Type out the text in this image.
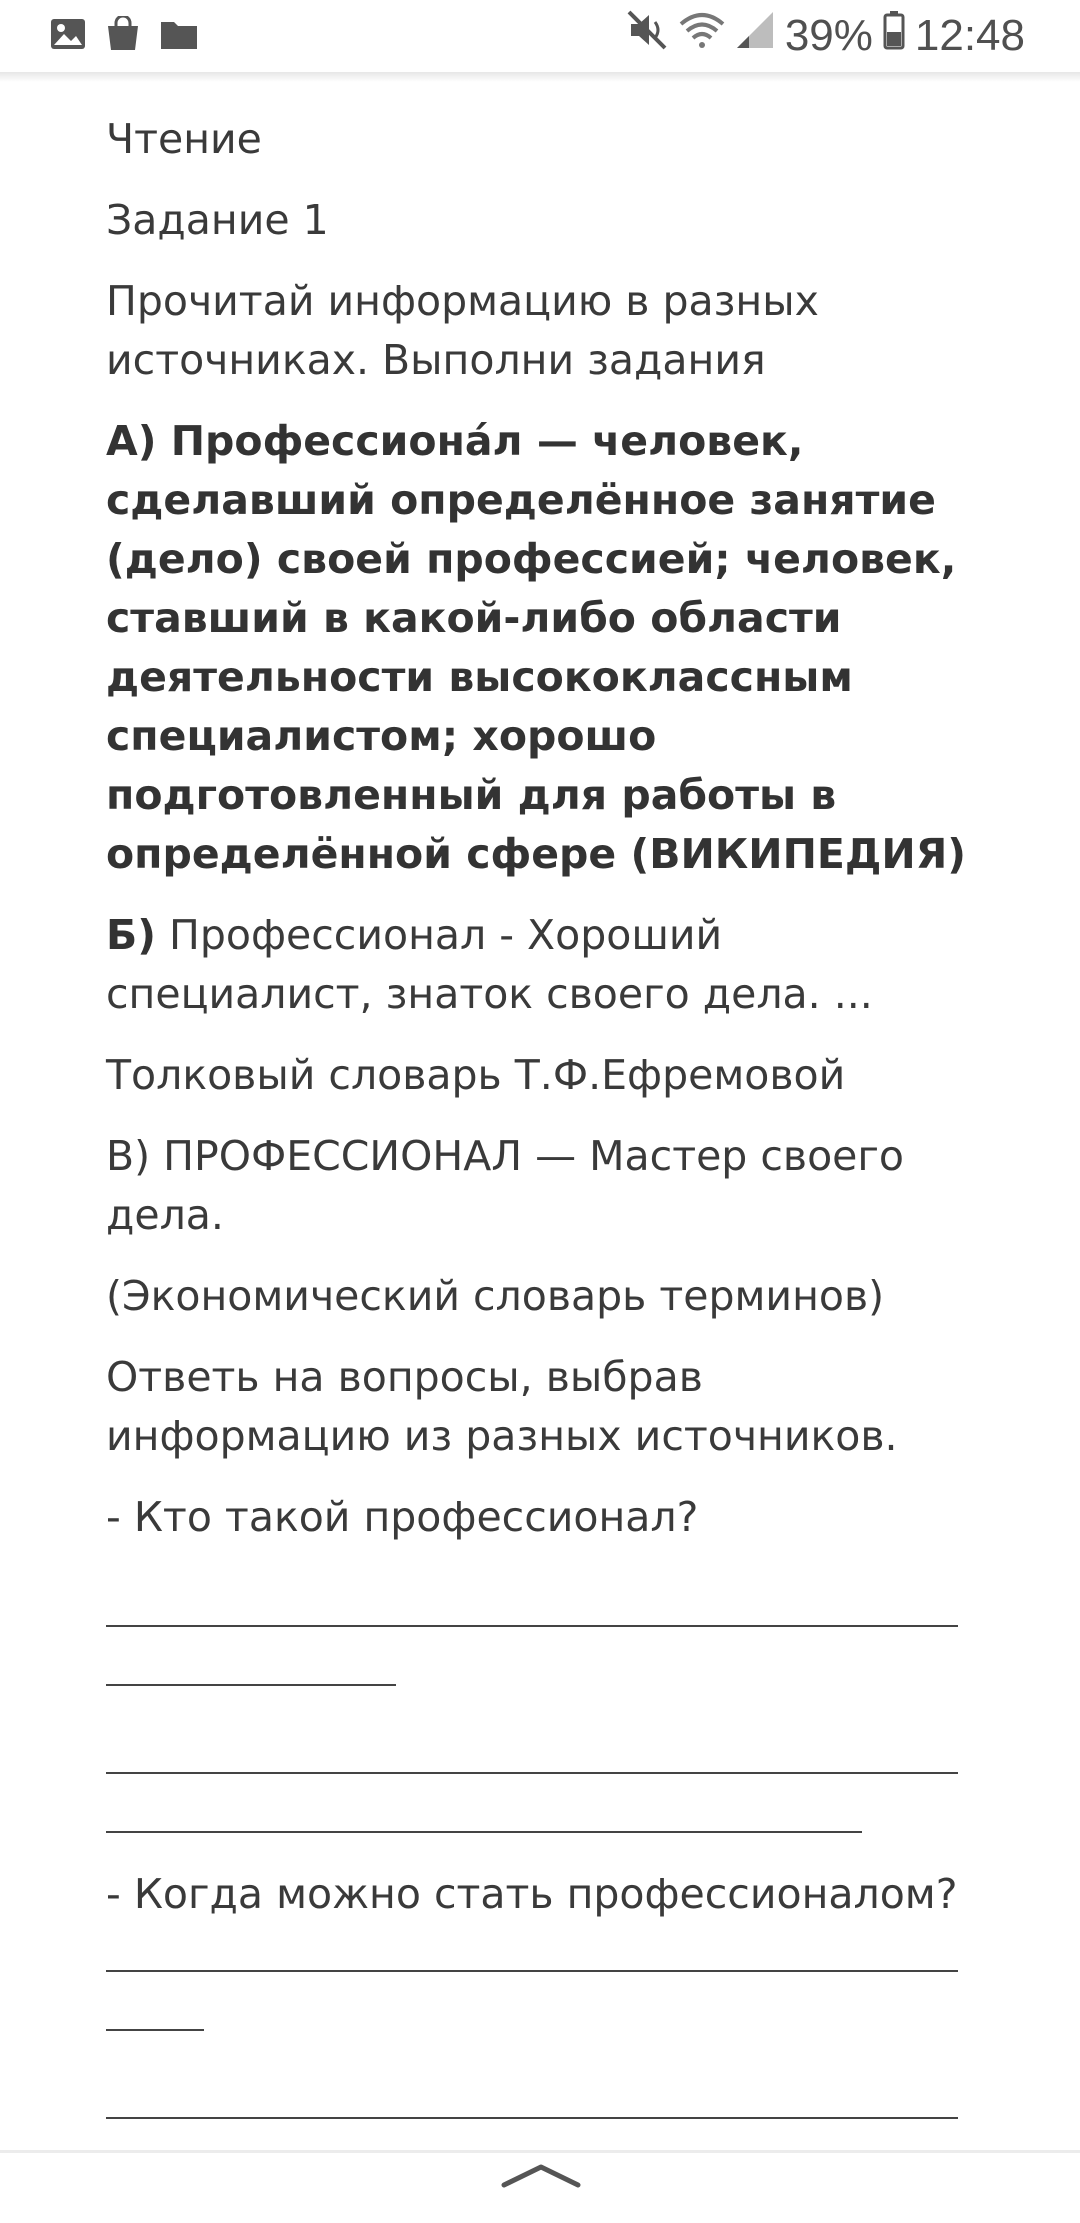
39% 12:48

Чтение

Задание 1

Прочитай информацию в разных источниках. Выполни задания

А) Профессиона́л — человек, сделавший определённое занятие (дело) своей профессией; человек, ставший в какой-либо области деятельности высококлассным специалистом; хорошо подготовленный для работы в определённой сфере (ВИКИПЕДИЯ)

Б) Профессионал - Хороший специалист, знаток своего дела. ...

Толковый словарь Т.Ф.Ефремовой

В) ПРОФЕССИОНАЛ — Мастер своего дела.

(Экономический словарь терминов)

Ответь на вопросы, выбрав информацию из разных источников.

- Кто такой профессионал?

- Когда можно стать профессионалом?
